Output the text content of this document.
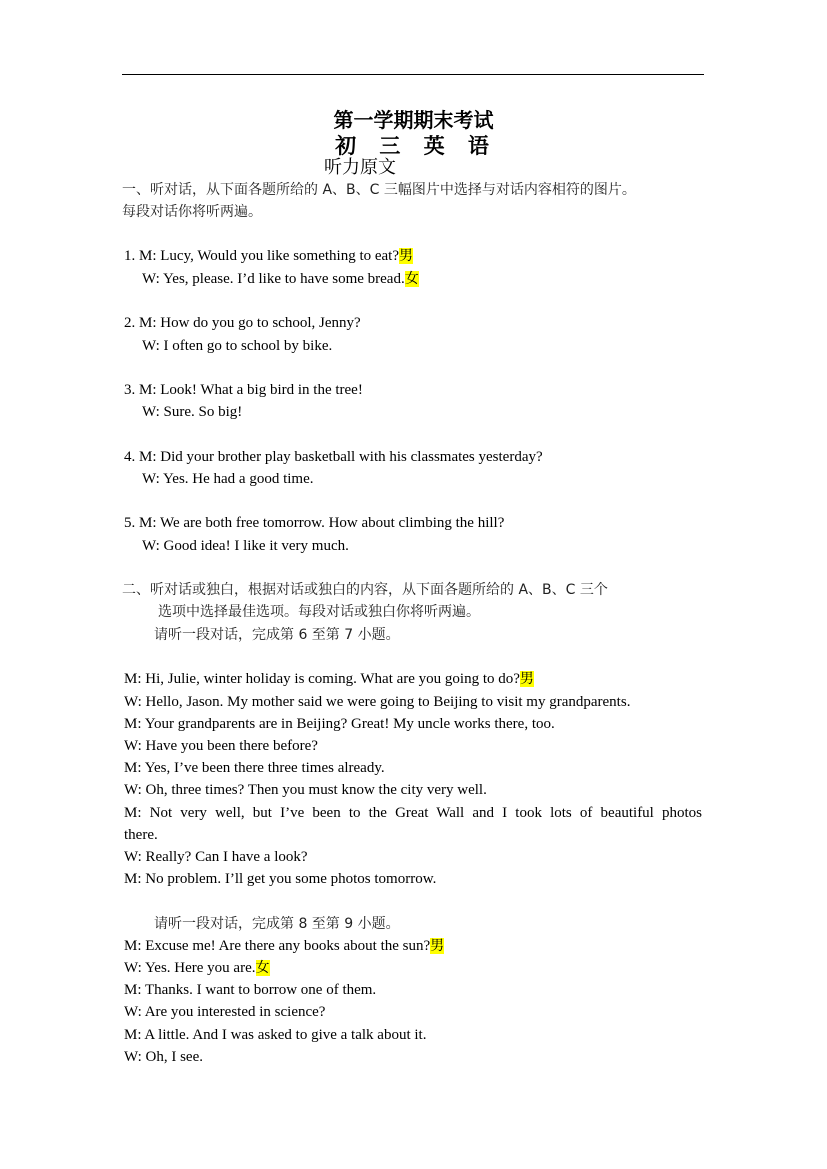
第一学期期末考试
初 三 英 语
听力原文
一、听对话，从下面各题所给的 A、B、C 三幅图片中选择与对话内容相符的图片。
每段对话你将听两遍。
1. M: Lucy, Would you like something to eat?男
W: Yes, please. I’d like to have some bread.女
2. M: How do you go to school, Jenny?
W: I often go to school by bike.
3. M: Look! What a big bird in the tree!
W: Sure. So big!
4. M: Did your brother play basketball with his classmates yesterday?
W: Yes. He had a good time.
5. M: We are both free tomorrow. How about climbing the hill?
W: Good idea! I like it very much.
二、听对话或独白，根据对话或独白的内容，从下面各题所给的 A、B、C 三个
选项中选择最佳选项。每段对话或独白你将听两遍。
请听一段对话，完成第 6 至第 7 小题。
M: Hi, Julie, winter holiday is coming. What are you going to do?男
W: Hello, Jason. My mother said we were going to Beijing to visit my grandparents.
M: Your grandparents are in Beijing? Great! My uncle works there, too.
W: Have you been there before?
M: Yes, I’ve been there three times already.
W: Oh, three times? Then you must know the city very well.
M: Not very well, but I’ve been to the Great Wall and I took lots of beautiful photos
there.
W: Really? Can I have a look?
M: No problem. I’ll get you some photos tomorrow.
请听一段对话，完成第 8 至第 9 小题。
M: Excuse me! Are there any books about the sun?男
W: Yes. Here you are.女
M: Thanks. I want to borrow one of them.
W: Are you interested in science?
M: A little. And I was asked to give a talk about it.
W: Oh, I see.
